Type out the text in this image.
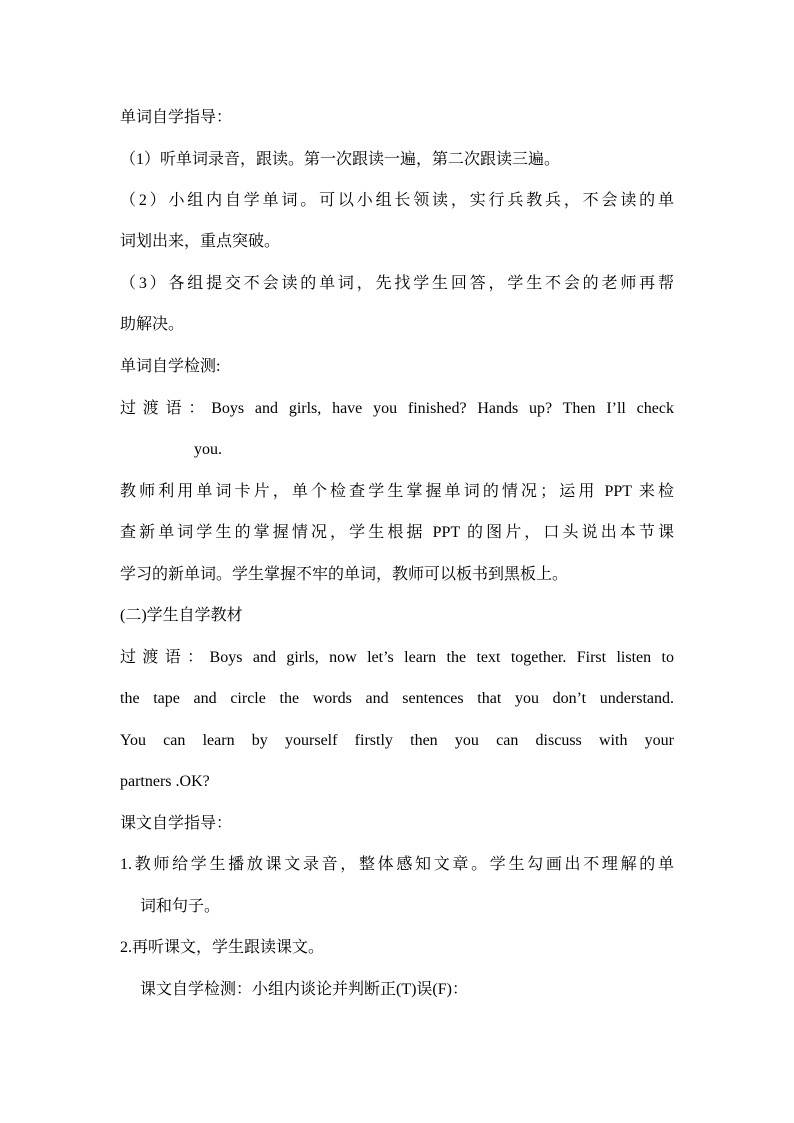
单词自学指导：
（1）听单词录音，跟读。第一次跟读一遍，第二次跟读三遍。
（2）小组内自学单词。可以小组长领读，实行兵教兵，不会读的单
词划出来，重点突破。
（3）各组提交不会读的单词，先找学生回答，学生不会的老师再帮
助解决。
单词自学检测:
过渡语：Boys and girls, have you finished? Hands up? Then I’ll check
you.
教师利用单词卡片，单个检查学生掌握单词的情况；运用 PPT 来检
查新单词学生的掌握情况，学生根据 PPT 的图片，口头说出本节课
学习的新单词。学生掌握不牢的单词，教师可以板书到黑板上。
(二)学生自学教材
过渡语：Boys and girls, now let’s learn the text together. First listen to
the tape and circle the words and sentences that you don’t understand.
You can learn by yourself firstly then you can discuss with your
partners .OK?
课文自学指导：
1.教师给学生播放课文录音，整体感知文章。学生勾画出不理解的单
词和句子。
2.再听课文，学生跟读课文。
课文自学检测：小组内谈论并判断正(T)误(F)：
